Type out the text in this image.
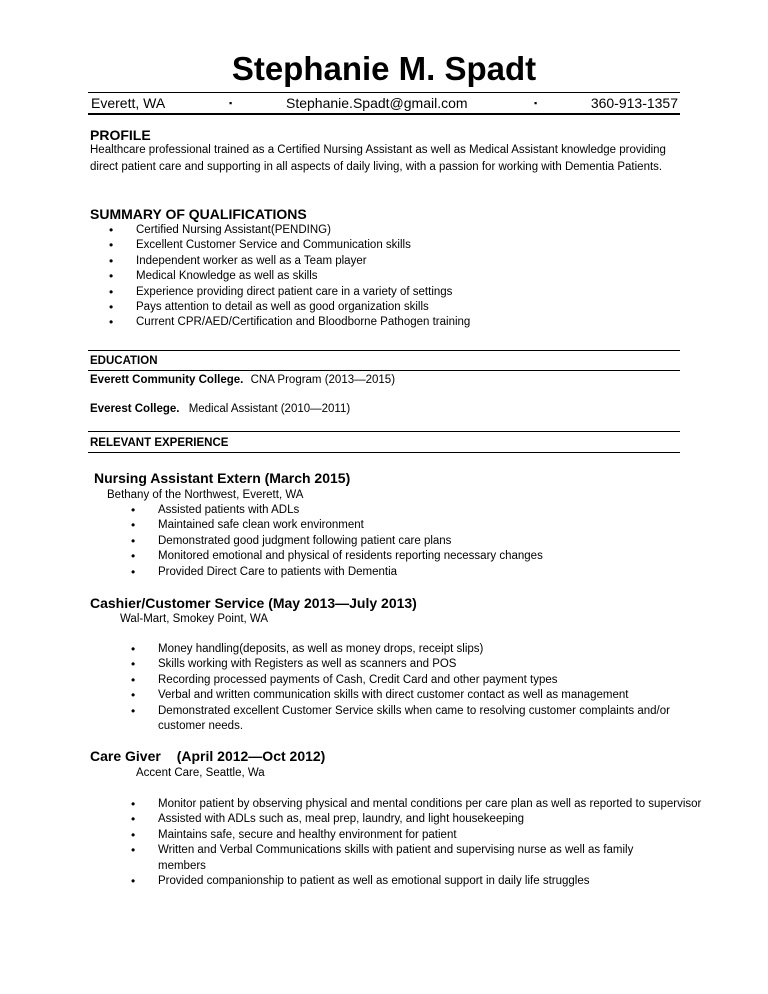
Stephanie M. Spadt
Everett, WA	▪	Stephanie.Spadt@gmail.com	▪	360-913-1357
PROFILE
Healthcare professional trained as a Certified Nursing Assistant as well as Medical Assistant knowledge providing direct patient care and supporting in all aspects of daily living, with a passion for working with Dementia Patients.
SUMMARY OF QUALIFICATIONS
• Certified Nursing Assistant(PENDING)
• Excellent Customer Service and Communication skills
• Independent worker as well as a Team player
• Medical Knowledge as well as skills
• Experience providing direct patient care in a variety of settings
• Pays attention to detail as well as good organization skills
• Current CPR/AED/Certification and Bloodborne Pathogen training
EDUCATION
Everett Community College. CNA Program (2013—2015)
Everest College. Medical Assistant (2010—2011)
RELEVANT EXPERIENCE
Nursing Assistant Extern (March 2015)
Bethany of the Northwest, Everett, WA
• Assisted patients with ADLs
• Maintained safe clean work environment
• Demonstrated good judgment following patient care plans
• Monitored emotional and physical of residents reporting necessary changes
• Provided Direct Care to patients with Dementia
Cashier/Customer Service (May 2013—July 2013)
Wal-Mart, Smokey Point, WA
• Money handling(deposits, as well as money drops, receipt slips)
• Skills working with Registers as well as scanners and POS
• Recording processed payments of Cash, Credit Card and other payment types
• Verbal and written communication skills with direct customer contact as well as management
• Demonstrated excellent Customer Service skills when came to resolving customer complaints and/or customer needs.
Care Giver (April 2012—Oct 2012)
Accent Care, Seattle, Wa
• Monitor patient by observing physical and mental conditions per care plan as well as reported to supervisor
• Assisted with ADLs such as, meal prep, laundry, and light housekeeping
• Maintains safe, secure and healthy environment for patient
• Written and Verbal Communications skills with patient and supervising nurse as well as family members
• Provided companionship to patient as well as emotional support in daily life struggles
